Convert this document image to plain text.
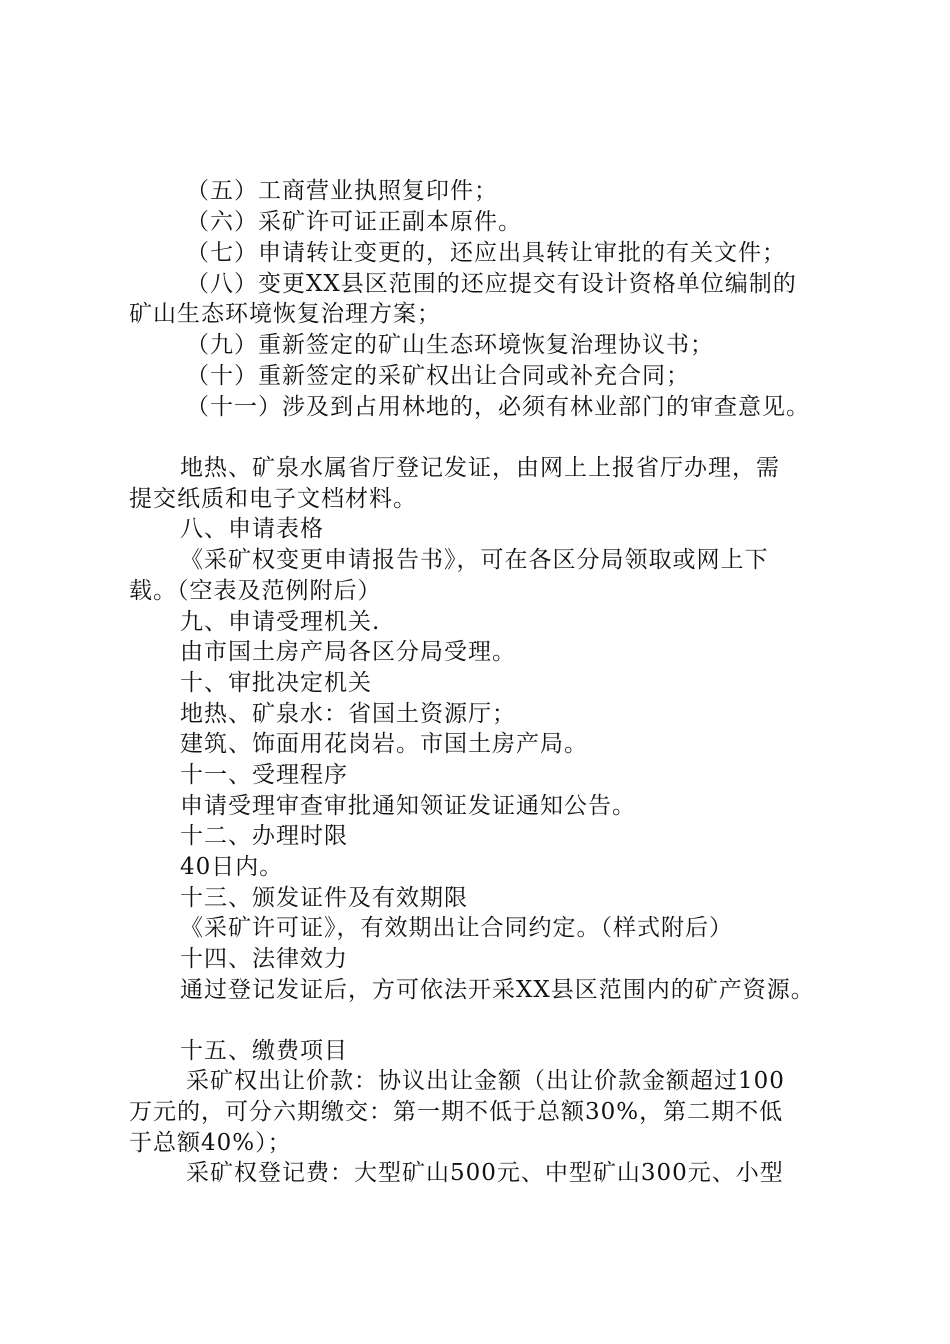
（五）工商营业执照复印件；
（六）采矿许可证正副本原件。
（七）申请转让变更的，还应出具转让审批的有关文件；
（八）变更XX县区范围的还应提交有设计资格单位编制的
矿山生态环境恢复治理方案；
（九）重新签定的矿山生态环境恢复治理协议书；
（十）重新签定的采矿权出让合同或补充合同；
（十一）涉及到占用林地的，必须有林业部门的审查意见。
地热、矿泉水属省厅登记发证，由网上上报省厅办理，需
提交纸质和电子文档材料。
八、申请表格
《采矿权变更申请报告书》，可在各区分局领取或网上下
载。（空表及范例附后）
九、申请受理机关.
由市国土房产局各区分局受理。
十、审批决定机关
地热、矿泉水：省国土资源厅；
建筑、饰面用花岗岩。市国土房产局。
十一、受理程序
申请受理审查审批通知领证发证通知公告。
十二、办理时限
40日内。
十三、颁发证件及有效期限
《采矿许可证》，有效期出让合同约定。（样式附后）
十四、法律效力
通过登记发证后，方可依法开采XX县区范围内的矿产资源。
十五、缴费项目
采矿权出让价款：协议出让金额（出让价款金额超过100
万元的，可分六期缴交：第一期不低于总额30%，第二期不低
于总额40%）；
采矿权登记费：大型矿山500元、中型矿山300元、小型
